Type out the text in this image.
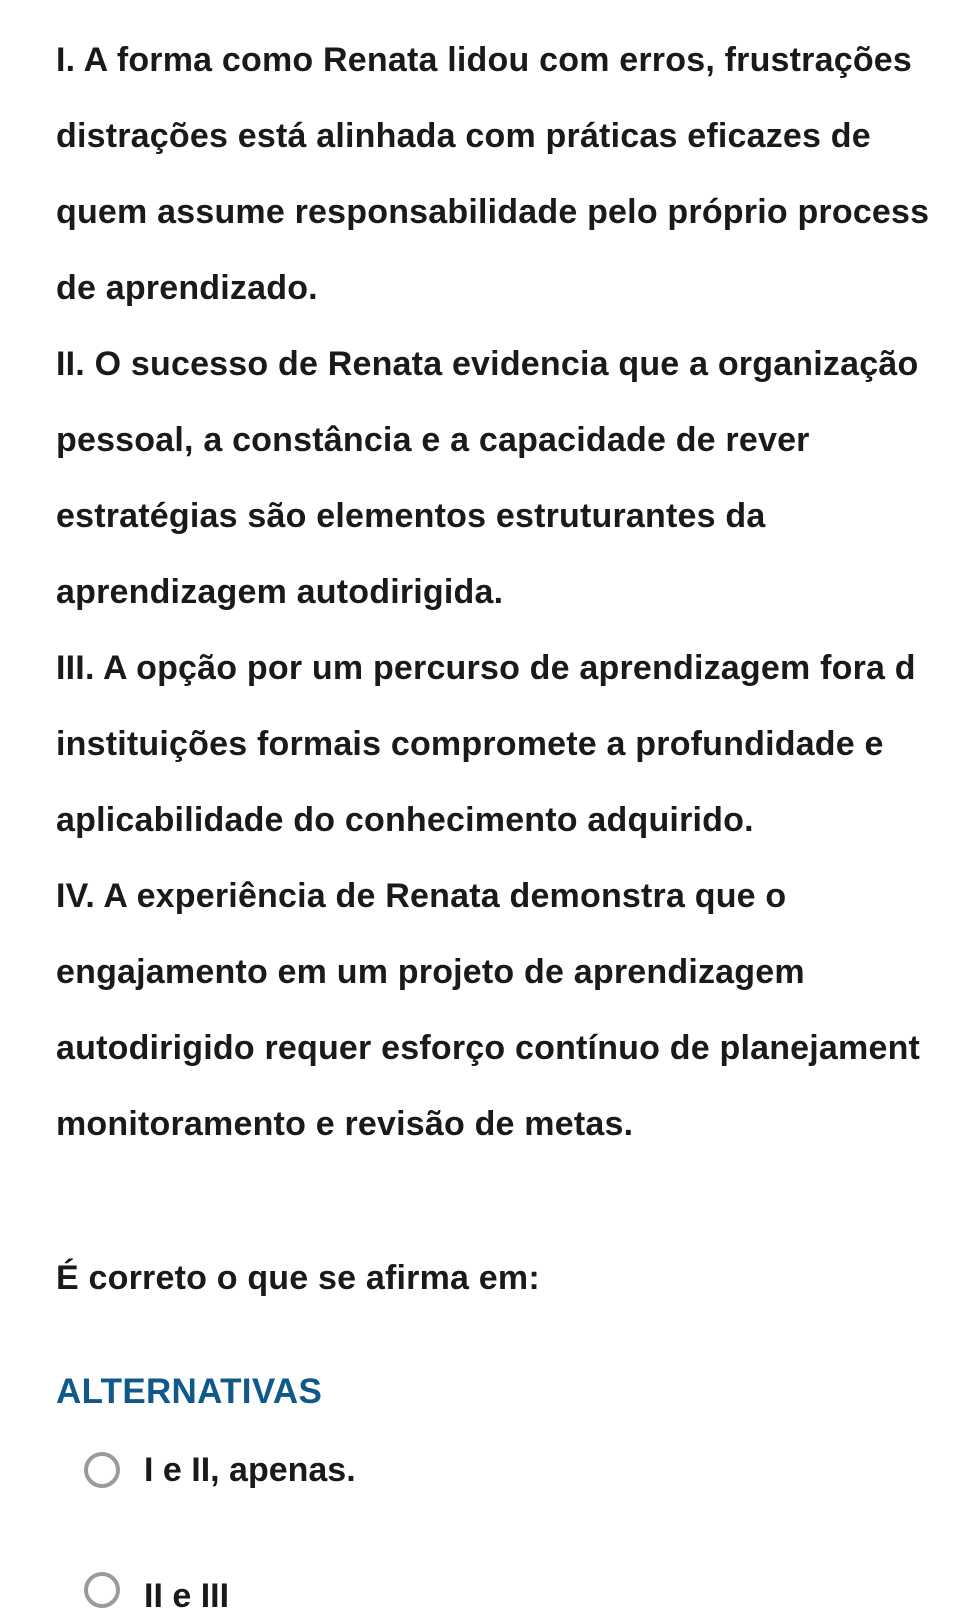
I. A forma como Renata lidou com erros, frustrações
distrações está alinhada com práticas eficazes de
quem assume responsabilidade pelo próprio process
de aprendizado.
II. O sucesso de Renata evidencia que a organização
pessoal, a constância e a capacidade de rever
estratégias são elementos estruturantes da
aprendizagem autodirigida.
III. A opção por um percurso de aprendizagem fora d
instituições formais compromete a profundidade e
aplicabilidade do conhecimento adquirido.
IV. A experiência de Renata demonstra que o
engajamento em um projeto de aprendizagem
autodirigido requer esforço contínuo de planejament
monitoramento e revisão de metas.
É correto o que se afirma em:
ALTERNATIVAS
I e II, apenas.
II e III
